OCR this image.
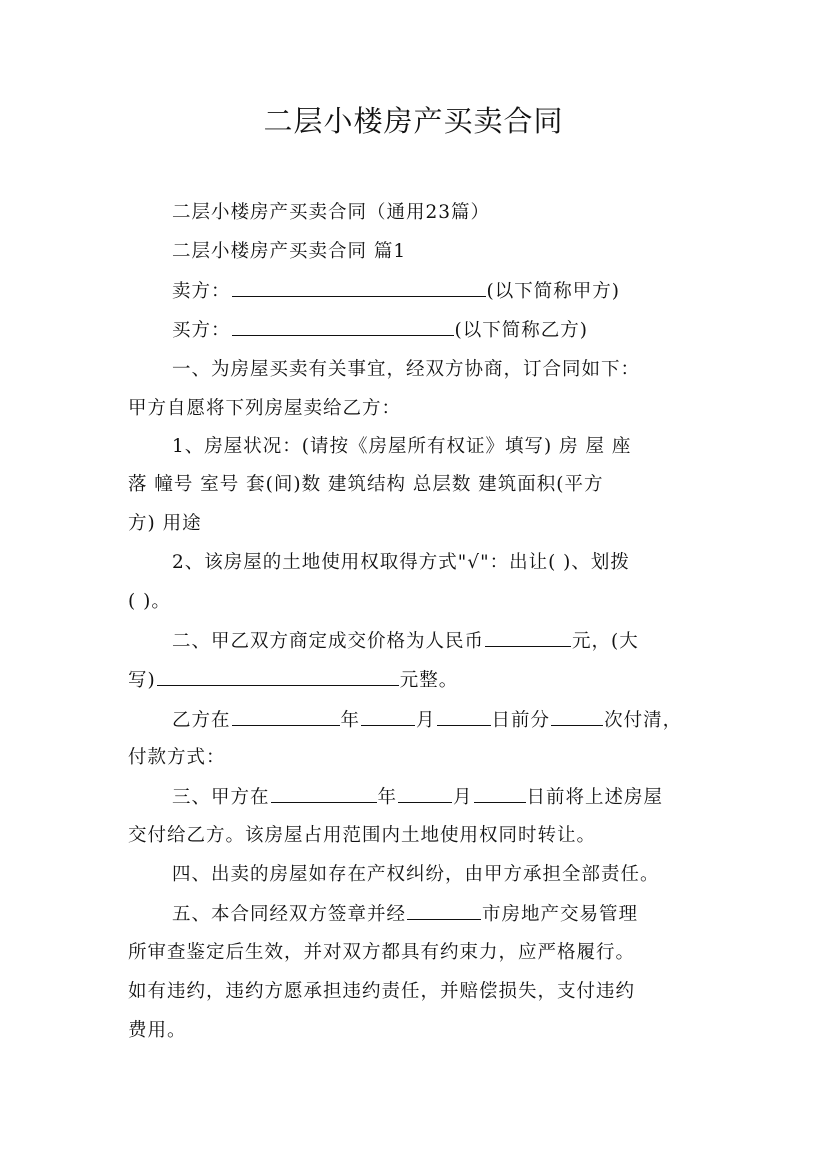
二层小楼房产买卖合同
二层小楼房产买卖合同（通用23篇）
二层小楼房产买卖合同 篇1
卖方：	(以下简称甲方)
买方：	(以下简称乙方)
一、为房屋买卖有关事宜，经双方协商，订合同如下：
甲方自愿将下列房屋卖给乙方：
1、房屋状况：(请按《房屋所有权证》填写) 房 屋 座
落 幢号 室号 套(间)数 建筑结构 总层数 建筑面积(平方
方) 用途
2、该房屋的土地使用权取得方式"√"：出让( )、划拨
( )。
二、甲乙双方商定成交价格为人民币	元，(大
写)	元整。
乙方在	年	月	日前分	次付清，
付款方式：
三、甲方在	年	月	日前将上述房屋
交付给乙方。该房屋占用范围内土地使用权同时转让。
四、出卖的房屋如存在产权纠纷，由甲方承担全部责任。
五、本合同经双方签章并经	市房地产交易管理
所审查鉴定后生效，并对双方都具有约束力，应严格履行。
如有违约，违约方愿承担违约责任，并赔偿损失，支付违约
费用。
